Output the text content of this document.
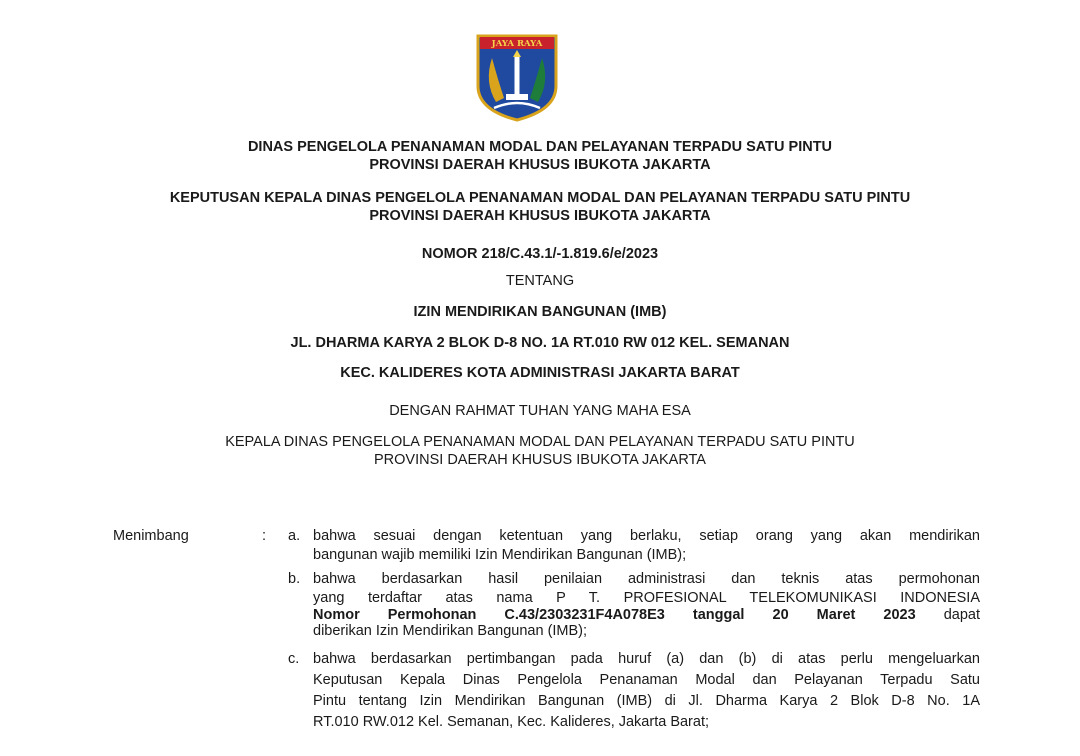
JAYA RAYA
DINAS PENGELOLA PENANAMAN MODAL DAN PELAYANAN TERPADU SATU PINTU
PROVINSI DAERAH KHUSUS IBUKOTA JAKARTA
KEPUTUSAN KEPALA DINAS PENGELOLA PENANAMAN MODAL DAN PELAYANAN TERPADU SATU PINTU
PROVINSI DAERAH KHUSUS IBUKOTA JAKARTA
NOMOR 218/C.43.1/-1.819.6/e/2023
TENTANG
IZIN MENDIRIKAN BANGUNAN (IMB)
JL. DHARMA KARYA 2 BLOK D-8 NO. 1A RT.010 RW 012 KEL. SEMANAN
KEC. KALIDERES KOTA ADMINISTRASI JAKARTA BARAT
DENGAN RAHMAT TUHAN YANG MAHA ESA
KEPALA DINAS PENGELOLA PENANAMAN MODAL DAN PELAYANAN TERPADU SATU PINTU
PROVINSI DAERAH KHUSUS IBUKOTA JAKARTA
Menimbang	: a. bahwa sesuai dengan ketentuan yang berlaku, setiap orang yang akan mendirikan
bangunan wajib memiliki Izin Mendirikan Bangunan (IMB);
b. bahwa berdasarkan hasil penilaian administrasi dan teknis atas permohonan
yang terdaftar atas nama P T. PROFESIONAL TELEKOMUNIKASI INDONESIA
Nomor Permohonan C.43/2303231F4A078E3 tanggal 20 Maret 2023 dapat
diberikan Izin Mendirikan Bangunan (IMB);
c. bahwa berdasarkan pertimbangan pada huruf (a) dan (b) di atas perlu mengeluarkan
Keputusan Kepala Dinas Pengelola Penanaman Modal dan Pelayanan Terpadu Satu
Pintu tentang Izin Mendirikan Bangunan (IMB) di Jl. Dharma Karya 2 Blok D-8 No. 1A
RT.010 RW.012 Kel. Semanan, Kec. Kalideres, Jakarta Barat;
